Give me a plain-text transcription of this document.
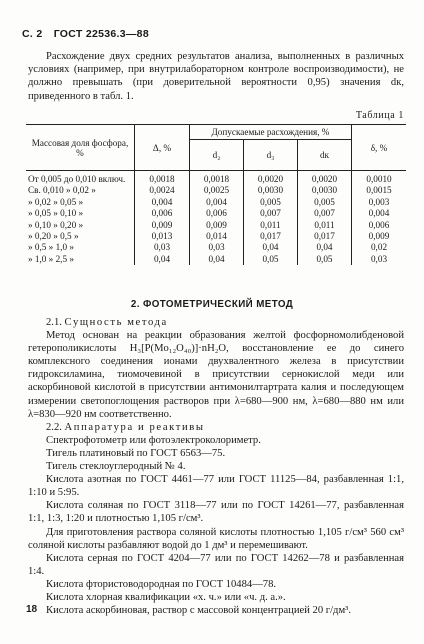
С. 2 ГОСТ 22536.3—88

Расхождение двух средних результатов анализа, выполненных в различных условиях (например, при внутрилабораторном контроле воспроизводимости), не должно превышать (при доверительной вероятности 0,95) значения dк, приведенного в табл. 1.

Таблица 1
Массовая доля фосфора, %	Δ, %	Допускаемые расхождения, %			δ, %
		d₂	d₃	dк	
От 0,005 до 0,010 включ.	0,0018	0,0018	0,0020	0,0020	0,0010
Св. 0,010 » 0,02 »	0,0024	0,0025	0,0030	0,0030	0,0015
» 0,02 » 0,05 »	0,004	0,004	0,005	0,005	0,003
» 0,05 » 0,10 »	0,006	0,006	0,007	0,007	0,004
» 0,10 » 0,20 »	0,009	0,009	0,011	0,011	0,006
» 0,20 » 0,5 »	0,013	0,014	0,017	0,017	0,009
» 0,5 » 1,0 »	0,03	0,03	0,04	0,04	0,02
» 1,0 » 2,5 »	0,04	0,04	0,05	0,05	0,03
2. ФОТОМЕТРИЧЕСКИЙ МЕТОД

2.1. Сущность метода

Метод основан на реакции образования желтой фосфорномолибденовой гетерополикислоты H₃[P(Mo₁₂O₄₀)]·nH₂O, восстановление ее до синего комплексного соединения ионами двухвалентного железа в присутствии гидроксиламина, тиомочевиной в присутствии сернокислой меди или аскорбиновой кислотой в присутствии антимонилтартрата калия и последующем измерении светопоглощения растворов при λ=680—900 нм, λ=680—880 нм или λ=830—920 нм соответственно.

2.2. Аппаратура и реактивы

Спектрофотометр или фотоэлектроколориметр.

Тигель платиновый по ГОСТ 6563—75.

Тигель стеклоуглеродный № 4.

Кислота азотная по ГОСТ 4461—77 или ГОСТ 11125—84, разбавленная 1:1, 1:10 и 5:95.

Кислота соляная по ГОСТ 3118—77 или по ГОСТ 14261—77, разбавленная 1:1, 1:3, 1:20 и плотностью 1,105 г/см³.

Для приготовления раствора соляной кислоты плотностью 1,105 г/см³ 560 см³ соляной кислоты разбавляют водой до 1 дм³ и перемешивают.

Кислота серная по ГОСТ 4204—77 или по ГОСТ 14262—78 и разбавленная 1:4.

Кислота фтористоводородная по ГОСТ 10484—78.

Кислота хлорная квалификации «х. ч.» или «ч. д. а.».

Кислота аскорбиновая, раствор с массовой концентрацией 20 г/дм³.

18
